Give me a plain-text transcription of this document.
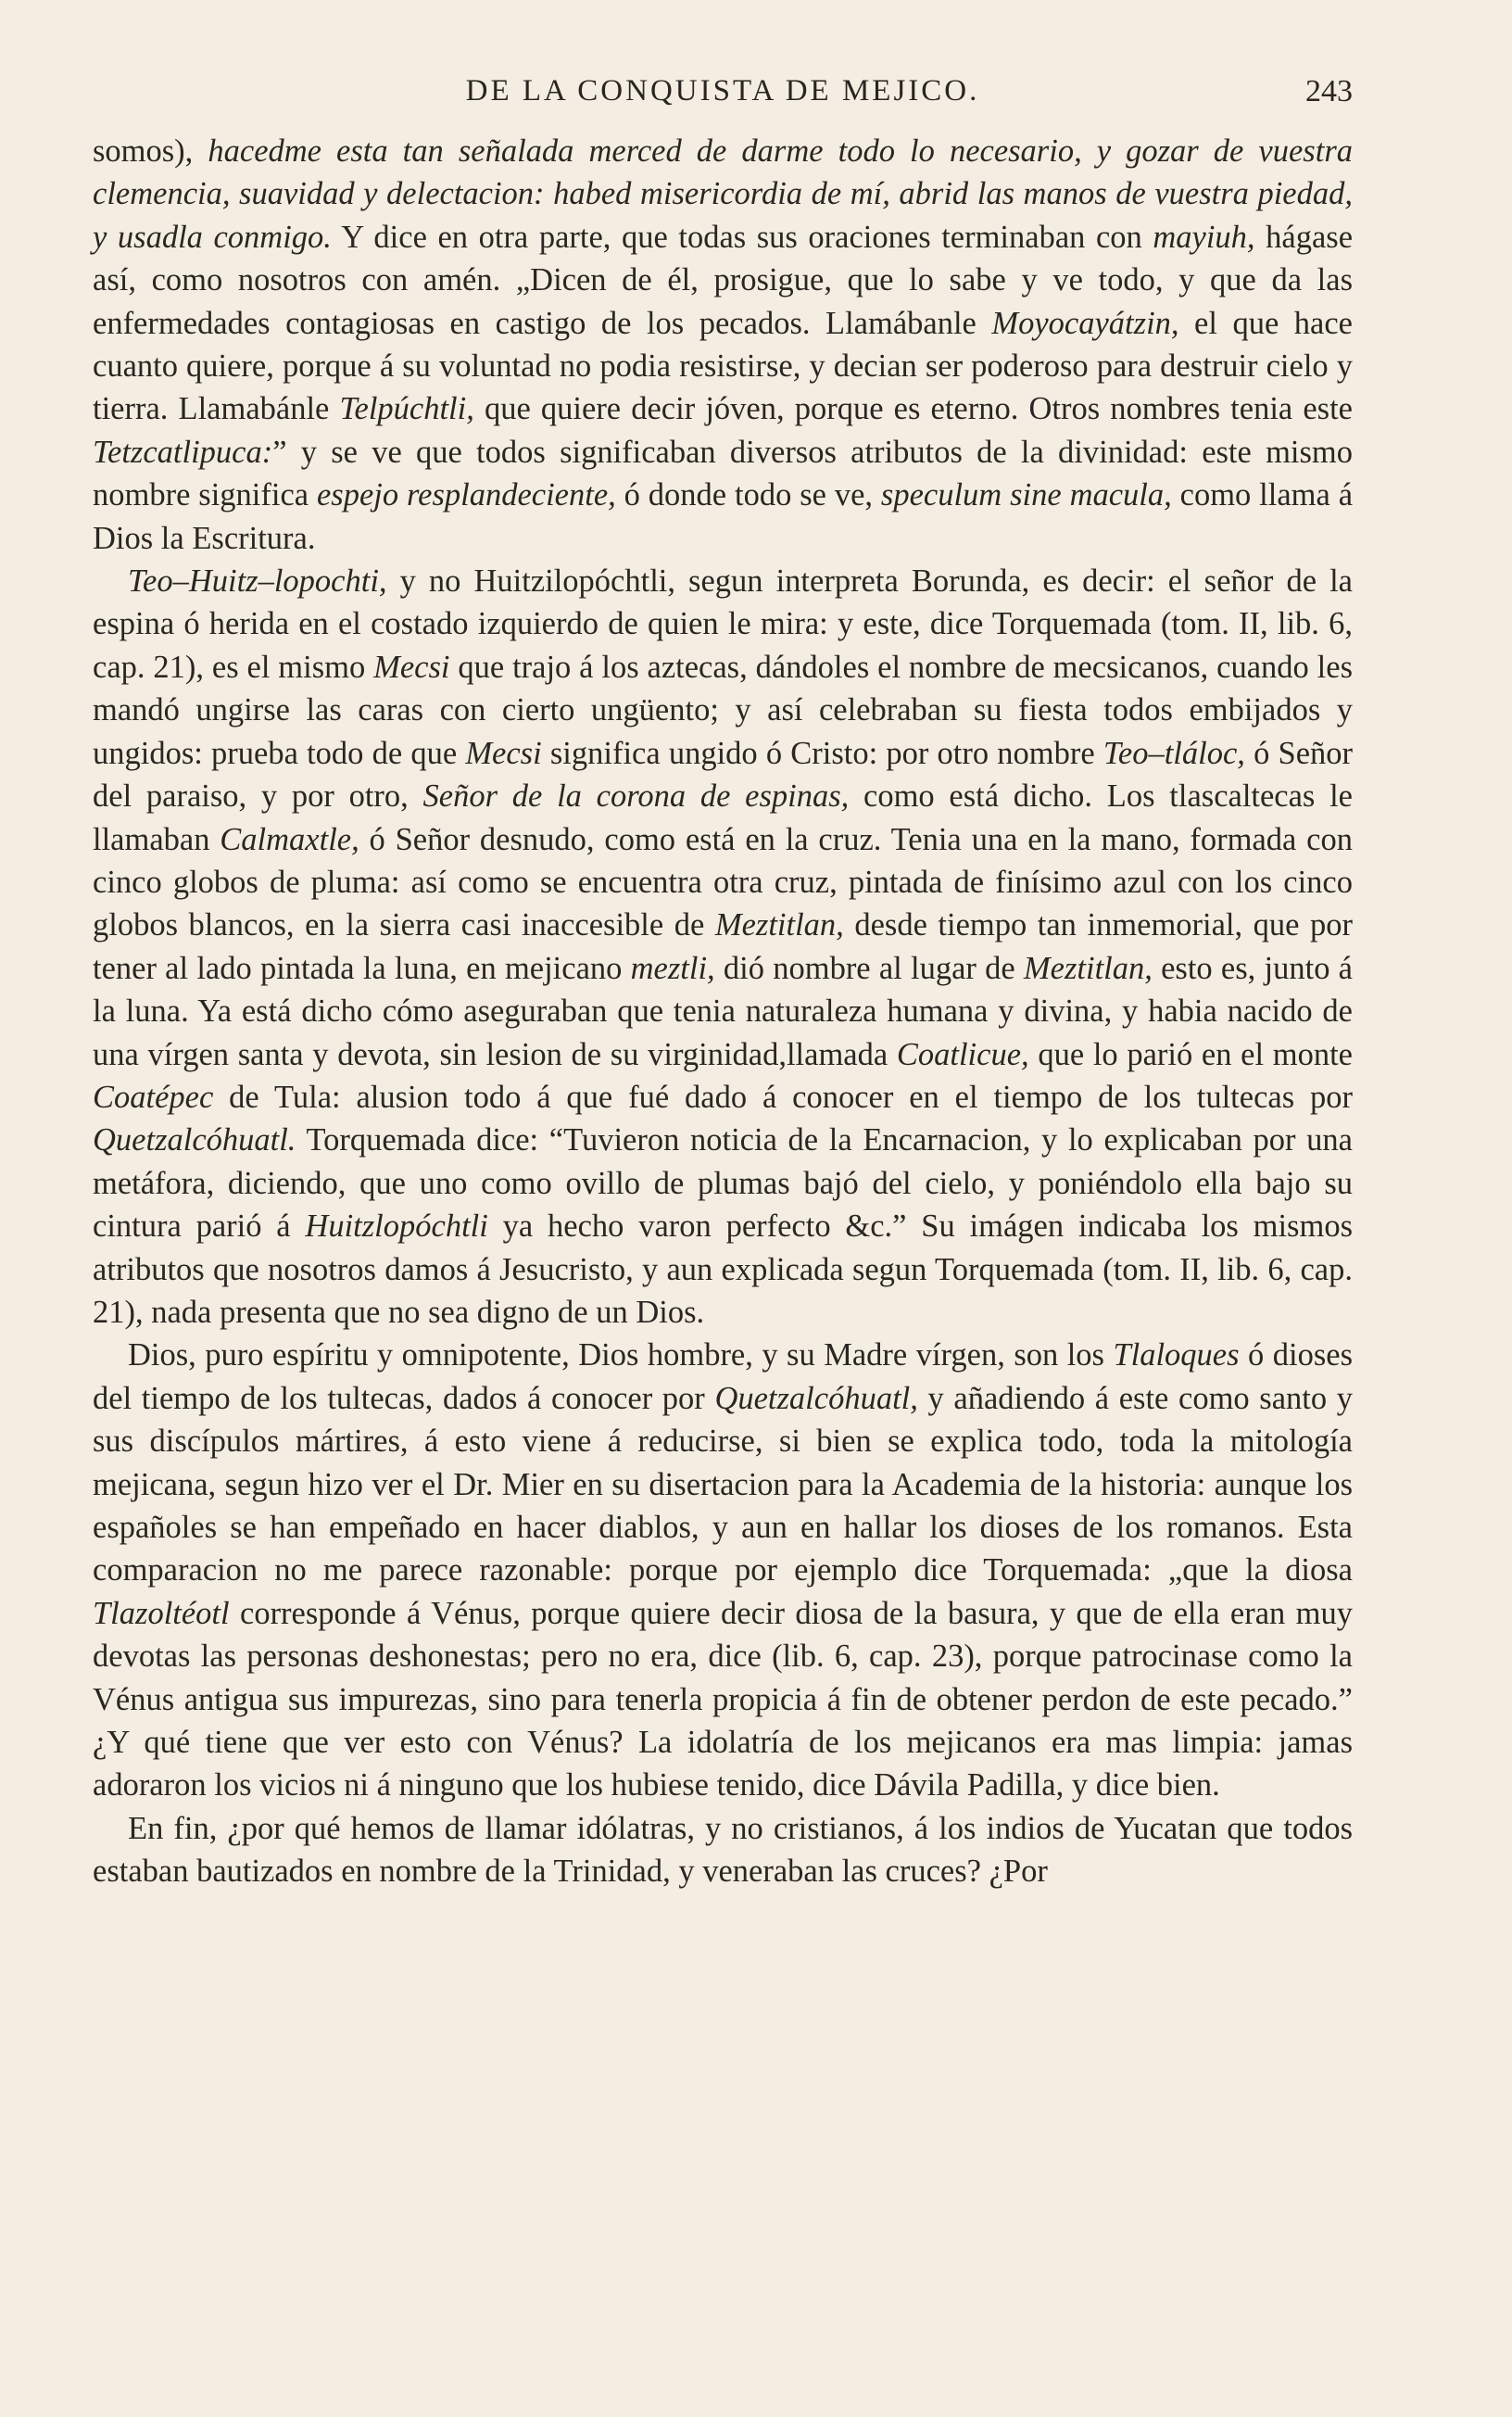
DE LA CONQUISTA DE MEJICO.	243

somos), hacedme esta tan señalada merced de darme todo lo necesario, y gozar de vuestra clemencia, suavidad y delectacion: habed misericordia de mí, abrid las manos de vuestra piedad, y usadla conmigo. Y dice en otra parte, que todas sus oraciones terminaban con mayiuh, hágase así, como nosotros con amén. „Dicen de él, prosigue, que lo sabe y ve todo, y que da las enfermedades contagiosas en castigo de los pecados. Llamábanle Moyocayátzin, el que hace cuanto quiere, porque á su voluntad no podia resistirse, y decian ser poderoso para destruir cielo y tierra. Llamabánle Telpúchtli, que quiere decir jóven, porque es eterno. Otros nombres tenia este Tetzcatlipuca:” y se ve que todos significaban diversos atributos de la divinidad: este mismo nombre significa espejo resplandeciente, ó donde todo se ve, speculum sine macula, como llama á Dios la Escritura.

Teo–Huitz–lopochti, y no Huitzilopóchtli, segun interpreta Borunda, es decir: el señor de la espina ó herida en el costado izquierdo de quien le mira: y este, dice Torquemada (tom. II, lib. 6, cap. 21), es el mismo Mecsi que trajo á los aztecas, dándoles el nombre de mecsicanos, cuando les mandó ungirse las caras con cierto ungüento; y así celebraban su fiesta todos embijados y ungidos: prueba todo de que Mecsi significa ungido ó Cristo: por otro nombre Teo–tláloc, ó Señor del paraiso, y por otro, Señor de la corona de espinas, como está dicho. Los tlascaltecas le llamaban Calmaxtle, ó Señor desnudo, como está en la cruz. Tenia una en la mano, formada con cinco globos de pluma: así como se encuentra otra cruz, pintada de finísimo azul con los cinco globos blancos, en la sierra casi inaccesible de Meztitlan, desde tiempo tan inmemorial, que por tener al lado pintada la luna, en mejicano meztli, dió nombre al lugar de Meztitlan, esto es, junto á la luna. Ya está dicho cómo aseguraban que tenia naturaleza humana y divina, y habia nacido de una vírgen santa y devota, sin lesion de su virginidad,llamada Coatlicue, que lo parió en el monte Coatépec de Tula: alusion todo á que fué dado á conocer en el tiempo de los tultecas por Quetzalcóhuatl. Torquemada dice: “Tuvieron noticia de la Encarnacion, y lo explicaban por una metáfora, diciendo, que uno como ovillo de plumas bajó del cielo, y poniéndolo ella bajo su cintura parió á Huitzlopóchtli ya hecho varon perfecto &c.” Su imágen indicaba los mismos atributos que nosotros damos á Jesucristo, y aun explicada segun Torquemada (tom. II, lib. 6, cap. 21), nada presenta que no sea digno de un Dios.

Dios, puro espíritu y omnipotente, Dios hombre, y su Madre vírgen, son los Tlaloques ó dioses del tiempo de los tultecas, dados á conocer por Quetzalcóhuatl, y añadiendo á este como santo y sus discípulos mártires, á esto viene á reducirse, si bien se explica todo, toda la mitología mejicana, segun hizo ver el Dr. Mier en su disertacion para la Academia de la historia: aunque los españoles se han empeñado en hacer diablos, y aun en hallar los dioses de los romanos. Esta comparacion no me parece razonable: porque por ejemplo dice Torquemada: „que la diosa Tlazoltéotl corresponde á Vénus, porque quiere decir diosa de la basura, y que de ella eran muy devotas las personas deshonestas; pero no era, dice (lib. 6, cap. 23), porque patrocinase como la Vénus antigua sus impurezas, sino para tenerla propicia á fin de obtener perdon de este pecado.” ¿Y qué tiene que ver esto con Vénus? La idolatría de los mejicanos era mas limpia: jamas adoraron los vicios ni á ninguno que los hubiese tenido, dice Dávila Padilla, y dice bien.

En fin, ¿por qué hemos de llamar idólatras, y no cristianos, á los indios de Yucatan que todos estaban bautizados en nombre de la Trinidad, y veneraban las cruces? ¿Por
